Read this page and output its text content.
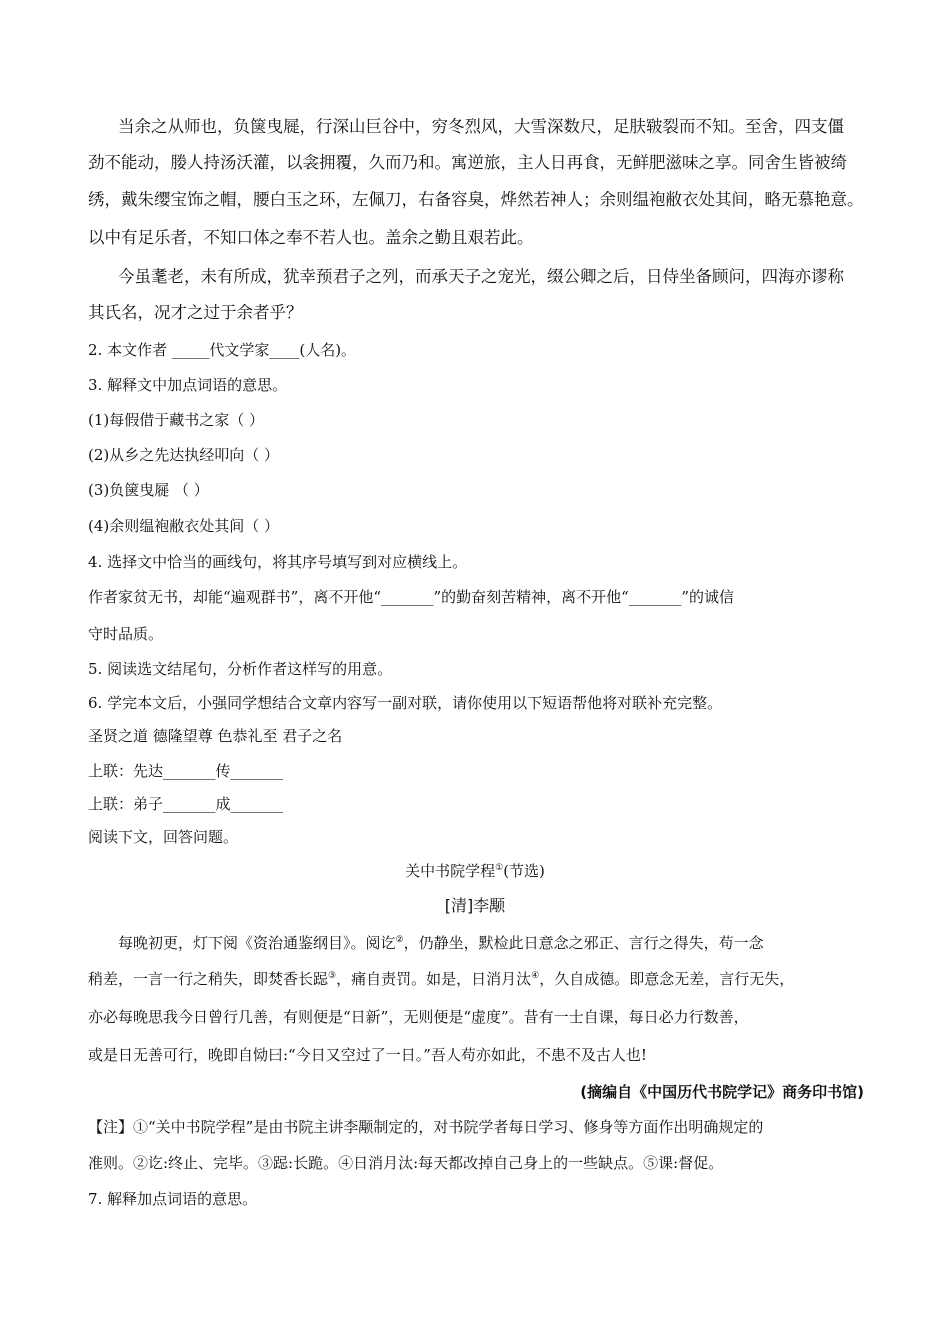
当余之从师也，负箧曳屣，行深山巨谷中，穷冬烈风，大雪深数尺，足肤皲裂而不知。至舍，四支僵
劲不能动，媵人持汤沃灌，以衾拥覆，久而乃和。寓逆旅，主人日再食，无鲜肥滋味之享。同舍生皆被绮
绣，戴朱缨宝饰之帽，腰白玉之环，左佩刀，右备容臭，烨然若神人；余则缊袍敝衣处其间，略无慕艳意。
以中有足乐者，不知口体之奉不若人也。盖余之勤且艰若此。
今虽耄老，未有所成，犹幸预君子之列，而承天子之宠光，缀公卿之后，日侍坐备顾问，四海亦谬称
其氏名，况才之过于余者乎？
2. 本文作者 _____代文学家____(人名)。
3. 解释文中加点词语的意思。
(1)每假借于藏书之家（ ）
(2)从乡之先达执经叩向（ ）
(3)负箧曳屣 （ ）
(4)余则缊袍敝衣处其间（ ）
4. 选择文中恰当的画线句，将其序号填写到对应横线上。
作者家贫无书，却能“遍观群书”，离不开他“_______”的勤奋刻苦精神，离不开他“_______”的诚信
守时品质。
5. 阅读选文结尾句，分析作者这样写的用意。
6. 学完本文后，小强同学想结合文章内容写一副对联，请你使用以下短语帮他将对联补充完整。
圣贤之道 德隆望尊 色恭礼至 君子之名
上联：先达_______传_______
上联：弟子_______成_______
阅读下文，回答问题。
关中书院学程①(节选)
[清]李颙
每晚初更，灯下阅《资治通鉴纲目》。阅讫②，仍静坐，默检此日意念之邪正、言行之得失，苟一念
稍差，一言一行之稍失，即焚香长跽③，痛自责罚。如是，日消月汰④，久自成德。即意念无差，言行无失，
亦必每晚思我今日曾行几善，有则便是“日新”，无则便是“虚度”。昔有一士自课，每日必力行数善，
或是日无善可行，晚即自恸曰:“今日又空过了一日。”吾人苟亦如此，不患不及古人也!
(摘编自《中国历代书院学记》商务印书馆)
【注】①“关中书院学程”是由书院主讲李颙制定的，对书院学者每日学习、修身等方面作出明确规定的
准则。②讫:终止、完毕。③跽:长跪。④日消月汰:每天都改掉自己身上的一些缺点。⑤课:督促。
7. 解释加点词语的意思。
